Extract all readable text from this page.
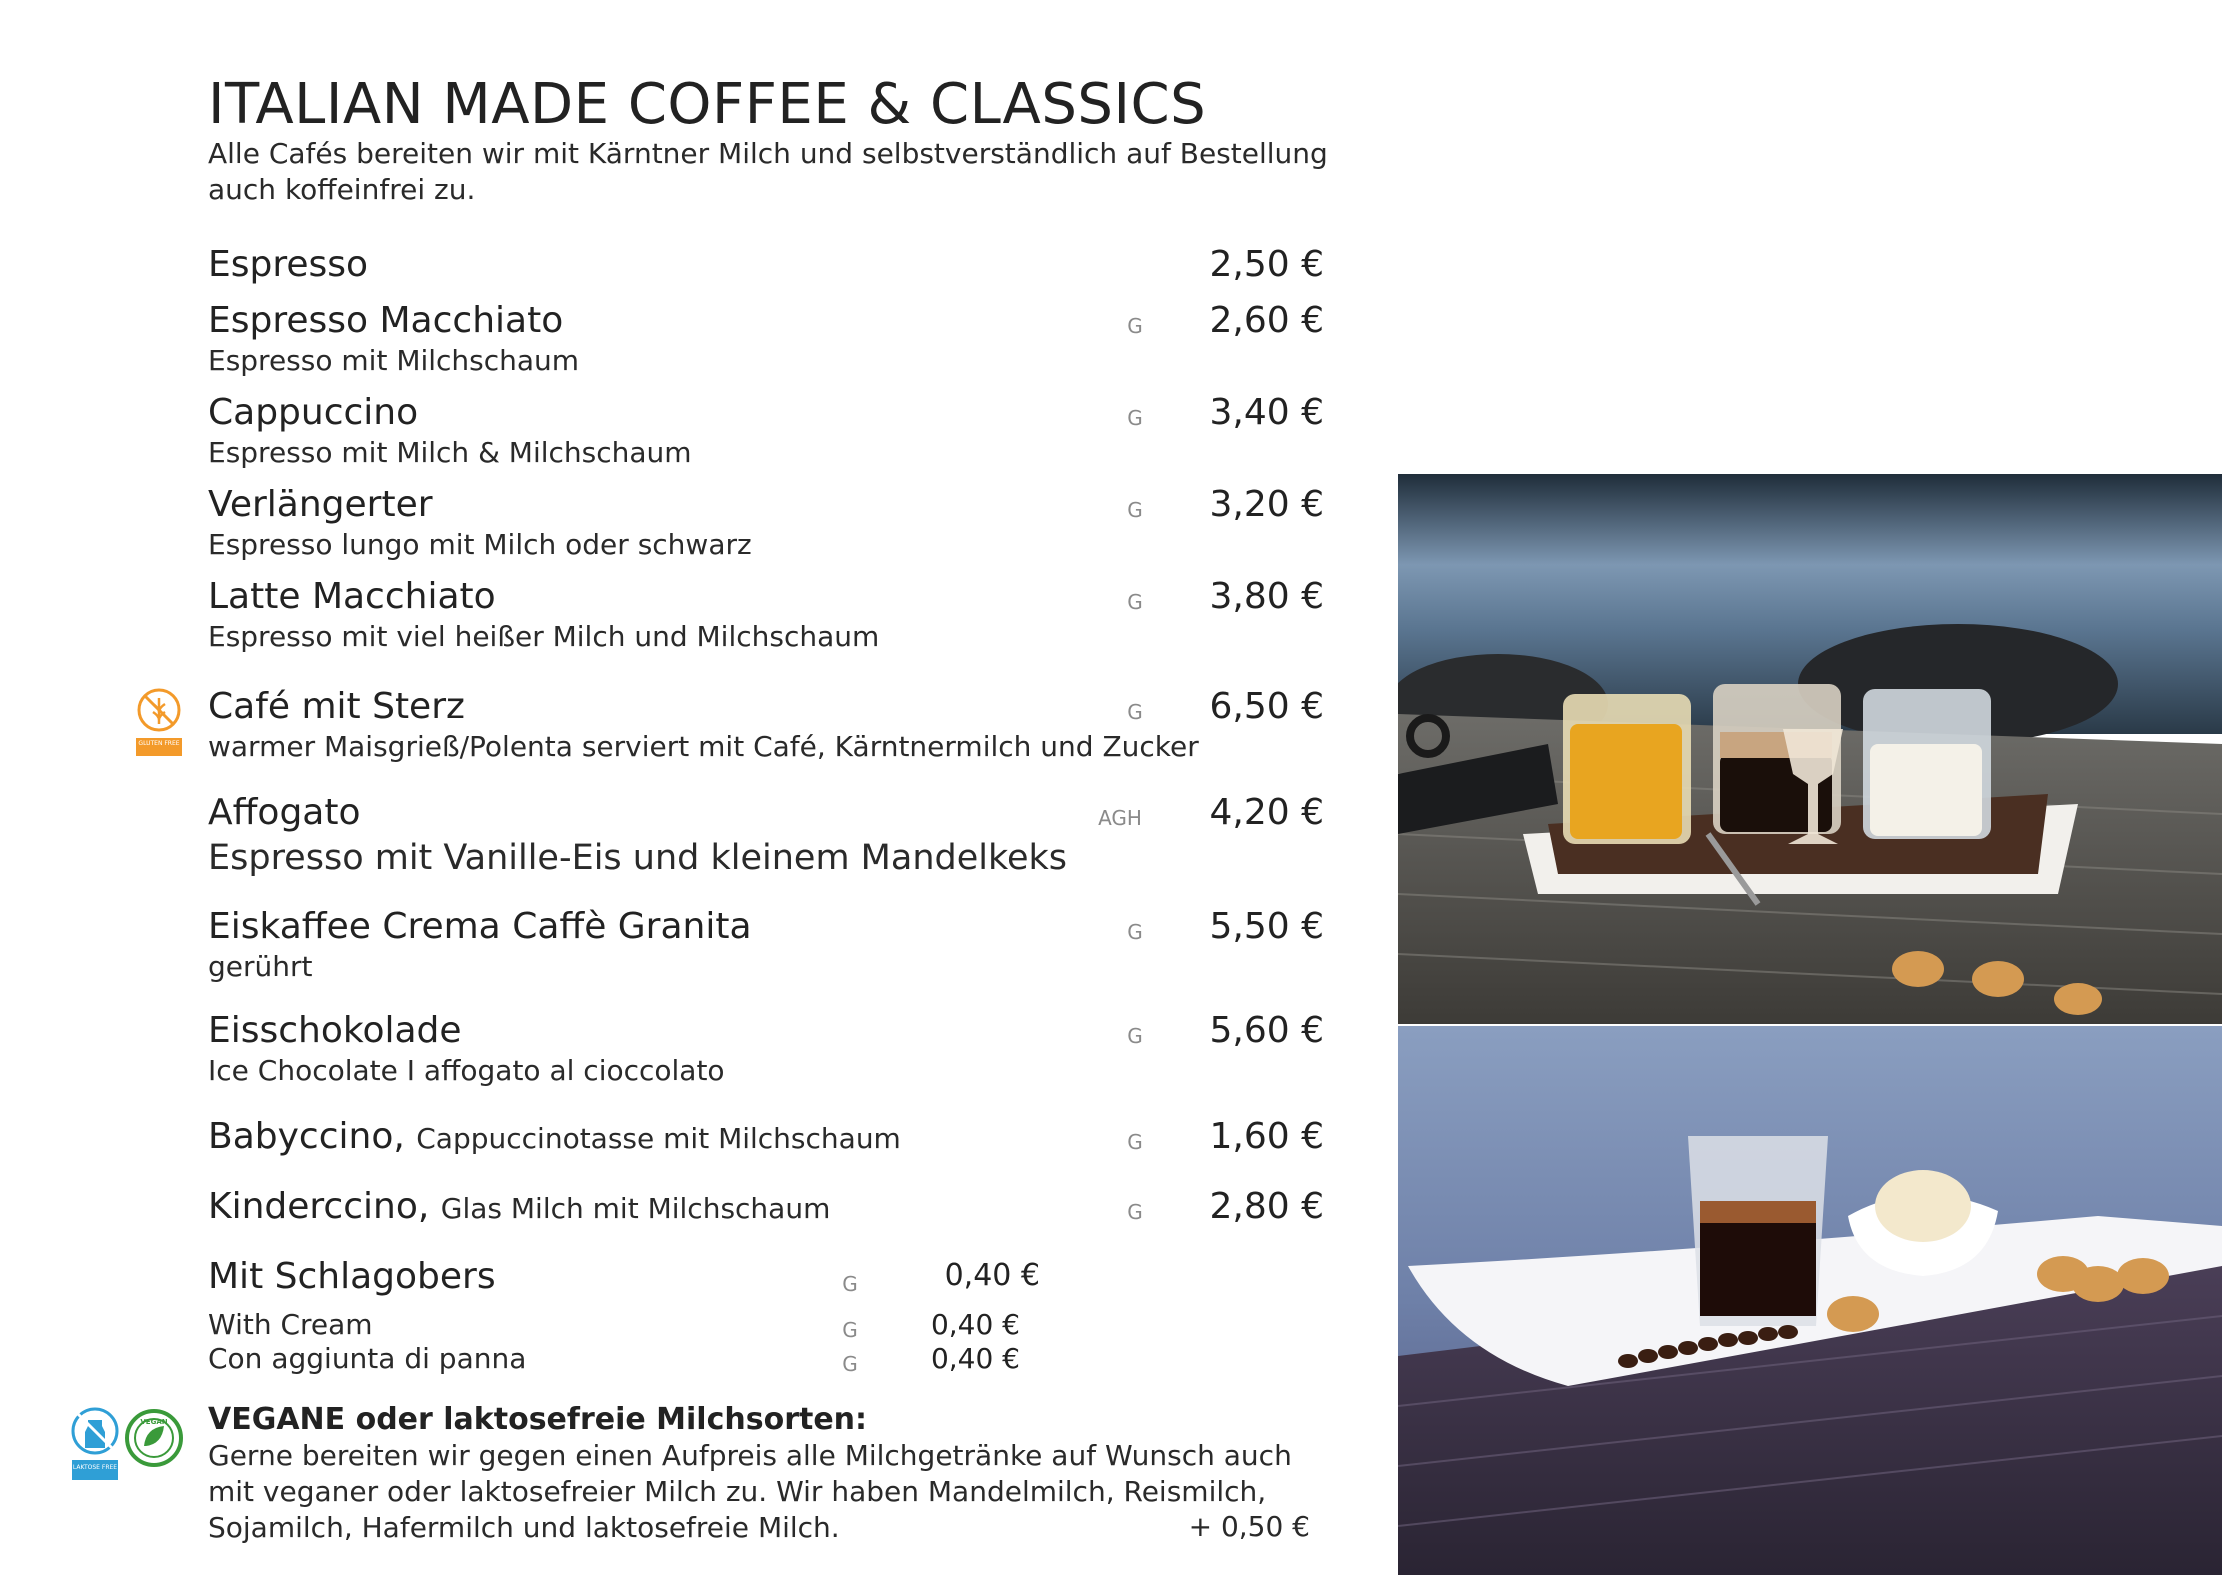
ITALIAN MADE COFFEE & CLASSICS
Alle Cafés bereiten wir mit Kärntner Milch und selbstverständlich auf Bestellung auch koffeinfrei zu.
Espresso	2,50 €
Espresso Macchiato
Espresso mit Milchschaum
G	2,60 €
Cappuccino
Espresso mit Milch & Milchschaum
G	3,40 €
Verlängerter
Espresso lungo mit Milch oder schwarz
G	3,20 €
Latte Macchiato
Espresso mit viel heißer Milch und Milchschaum
G	3,80 €
GLUTEN FREE
Café mit Sterz
warmer Maisgrieß/Polenta serviert mit Café, Kärntnermilch und Zucker
G	6,50 €
Affogato
Espresso mit Vanille-Eis und kleinem Mandelkeks
AGH	4,20 €
Eiskaffee Crema Caffè Granita
gerührt
G	5,50 €
Eisschokolade
Ice Chocolate I affogato al cioccolato
G	5,60 €
Babyccino, Cappuccinotasse mit Milchschaum	G	1,60 €
Kinderccino, Glas Milch mit Milchschaum	G	2,80 €
Mit Schlagobers	G	0,40 €
With Cream	G	0,40 €
Con aggiunta di panna	G	0,40 €
LAKTOSE FREE
VEGAN VEGANE oder laktosefreie Milchsorten:
Gerne bereiten wir gegen einen Aufpreis alle Milchgetränke auf Wunsch auch mit veganer oder laktosefreier Milch zu. Wir haben Mandelmilch, Reismilch, Sojamilch, Hafermilch und laktosefreie Milch.	+ 0,50 €
